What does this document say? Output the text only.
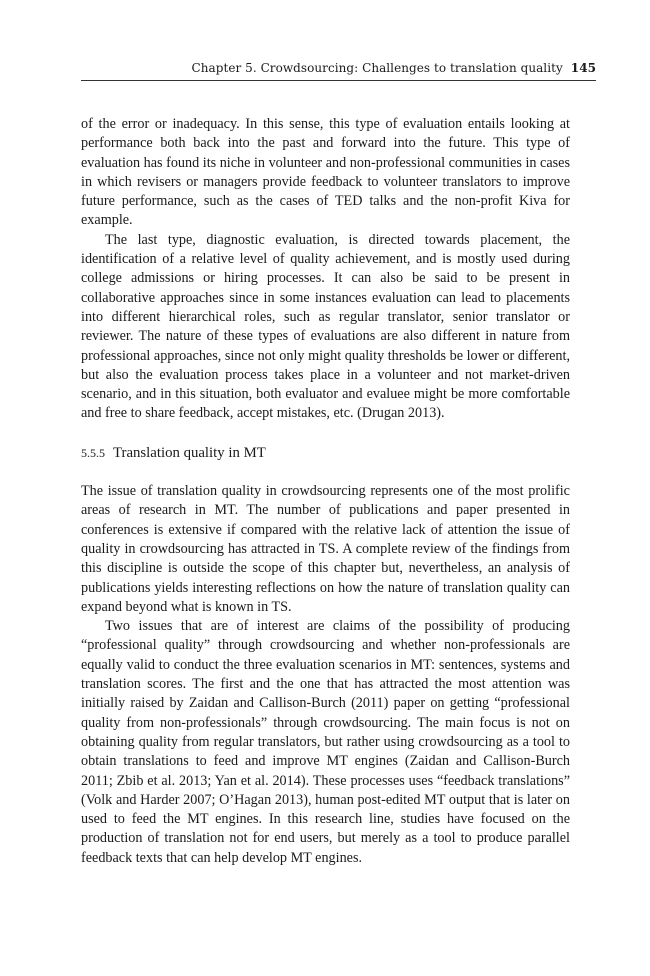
Chapter 5. Crowdsourcing: Challenges to translation quality 145

of the error or inadequacy. In this sense, this type of evaluation entails looking at performance both back into the past and forward into the future. This type of evaluation has found its niche in volunteer and non-professional communities in cases in which revisers or managers provide feedback to volunteer translators to improve future performance, such as the cases of TED talks and the non-profit Kiva for example.

The last type, diagnostic evaluation, is directed towards placement, the identification of a relative level of quality achievement, and is mostly used during college admissions or hiring processes. It can also be said to be present in collaborative approaches since in some instances evaluation can lead to placements into different hierarchical roles, such as regular translator, senior translator or reviewer. The nature of these types of evaluations are also different in nature from professional approaches, since not only might quality thresholds be lower or different, but also the evaluation process takes place in a volunteer and not market-driven scenario, and in this situation, both evaluator and evaluee might be more comfortable and free to share feedback, accept mistakes, etc. (Drugan 2013).

5.5.5 Translation quality in MT

The issue of translation quality in crowdsourcing represents one of the most prolific areas of research in MT. The number of publications and paper presented in conferences is extensive if compared with the relative lack of attention the issue of quality in crowdsourcing has attracted in TS. A complete review of the findings from this discipline is outside the scope of this chapter but, nevertheless, an analysis of publications yields interesting reflections on how the nature of translation quality can expand beyond what is known in TS.

Two issues that are of interest are claims of the possibility of producing “professional quality” through crowdsourcing and whether non-professionals are equally valid to conduct the three evaluation scenarios in MT: sentences, systems and translation scores. The first and the one that has attracted the most attention was initially raised by Zaidan and Callison-Burch (2011) paper on getting “professional quality from non-professionals” through crowdsourcing. The main focus is not on obtaining quality from regular translators, but rather using crowdsourcing as a tool to obtain translations to feed and improve MT engines (Zaidan and Callison-Burch 2011; Zbib et al. 2013; Yan et al. 2014). These processes uses “feedback translations” (Volk and Harder 2007; O’Hagan 2013), human post-edited MT output that is later on used to feed the MT engines. In this research line, studies have focused on the production of translation not for end users, but merely as a tool to produce parallel feedback texts that can help develop MT engines.
